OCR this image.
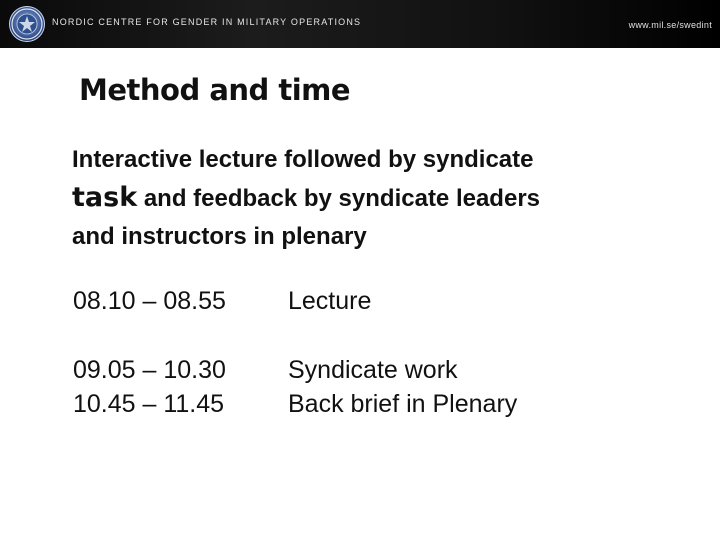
NORDIC CENTRE FOR GENDER IN MILITARY OPERATIONS	www.mil.se/swedint
Method and time
Interactive lecture followed by syndicate
task and feedback by syndicate leaders
and instructors in plenary
08.10 – 08.55 Lecture
09.05 – 10.30 Syndicate work
10.45 – 11.45	Back brief in Plenary
